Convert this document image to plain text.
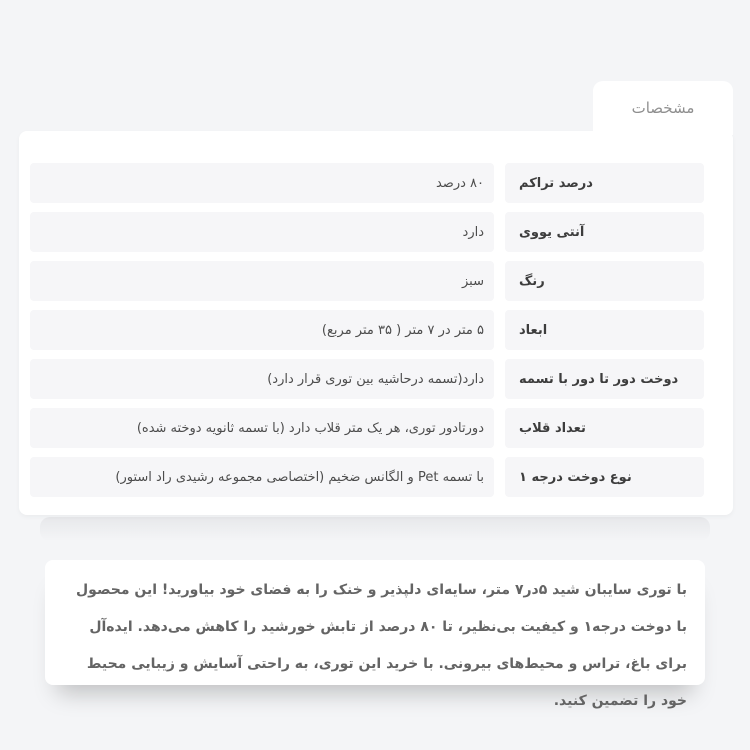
مشخصات
درصد تراکم
۸۰ درصد
آنتی یووی
دارد
رنگ
سبز
ابعاد
۵ متر در ۷ متر ( ۳۵ متر مربع)
دوخت دور تا دور با تسمه
دارد(تسمه درحاشیه بین توری قرار دارد)
تعداد قلاب
دورتادور توری، هر یک متر قلاب دارد (با تسمه ثانویه دوخته شده)
نوع دوخت درجه ۱
با تسمه Pet و الگانس ضخیم (اختصاصی مجموعه رشیدی راد استور)

با توری سایبان شید ۵در۷ متر، سایه‌ای دلپذیر و خنک را به فضای خود بیاورید! این محصول با دوخت درجه۱ و کیفیت بی‌نظیر، تا ۸۰ درصد از تابش خورشید را کاهش می‌دهد. ایده‌آل برای باغ، تراس و محیط‌های بیرونی. با خرید این توری، به راحتی آسایش و زیبایی محیط خود را تضمین کنید.
